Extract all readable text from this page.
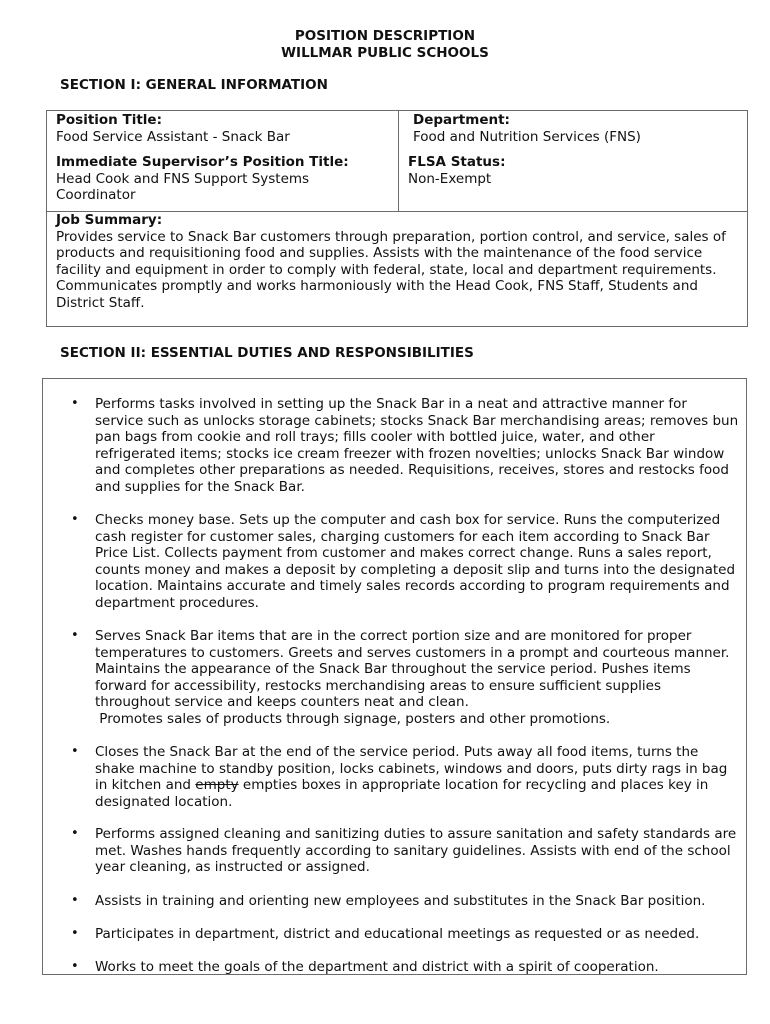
POSITION DESCRIPTION
WILLMAR PUBLIC SCHOOLS
SECTION I: GENERAL INFORMATION
Position Title:
Food Service Assistant - Snack Bar
Department:
Food and Nutrition Services (FNS)
Immediate Supervisor’s Position Title:
Head Cook and FNS Support Systems Coordinator
FLSA Status:
Non-Exempt
Job Summary:
Provides service to Snack Bar customers through preparation, portion control, and service, sales of products and requisitioning food and supplies. Assists with the maintenance of the food service facility and equipment in order to comply with federal, state, local and department requirements. Communicates promptly and works harmoniously with the Head Cook, FNS Staff, Students and District Staff.
SECTION II: ESSENTIAL DUTIES AND RESPONSIBILITIES
• Performs tasks involved in setting up the Snack Bar in a neat and attractive manner for service such as unlocks storage cabinets; stocks Snack Bar merchandising areas; removes bun pan bags from cookie and roll trays; fills cooler with bottled juice, water, and other refrigerated items; stocks ice cream freezer with frozen novelties; unlocks Snack Bar window and completes other preparations as needed. Requisitions, receives, stores and restocks food and supplies for the Snack Bar.
• Checks money base. Sets up the computer and cash box for service. Runs the computerized cash register for customer sales, charging customers for each item according to Snack Bar Price List. Collects payment from customer and makes correct change. Runs a sales report, counts money and makes a deposit by completing a deposit slip and turns into the designated location. Maintains accurate and timely sales records according to program requirements and department procedures.
• Serves Snack Bar items that are in the correct portion size and are monitored for proper temperatures to customers. Greets and serves customers in a prompt and courteous manner. Maintains the appearance of the Snack Bar throughout the service period. Pushes items forward for accessibility, restocks merchandising areas to ensure sufficient supplies throughout service and keeps counters neat and clean.
Promotes sales of products through signage, posters and other promotions.
• Closes the Snack Bar at the end of the service period. Puts away all food items, turns the shake machine to standby position, locks cabinets, windows and doors, puts dirty rags in bag in kitchen and empty empties boxes in appropriate location for recycling and places key in designated location.
• Performs assigned cleaning and sanitizing duties to assure sanitation and safety standards are met. Washes hands frequently according to sanitary guidelines. Assists with end of the school year cleaning, as instructed or assigned.
• Assists in training and orienting new employees and substitutes in the Snack Bar position.
• Participates in department, district and educational meetings as requested or as needed.
• Works to meet the goals of the department and district with a spirit of cooperation.
